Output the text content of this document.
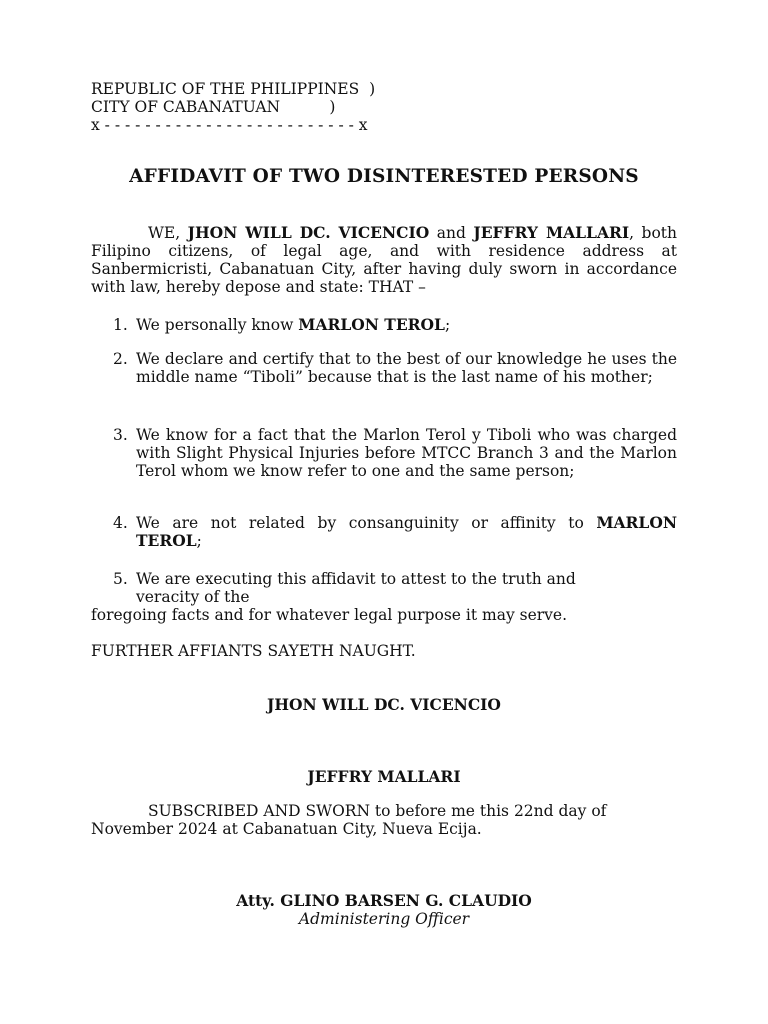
REPUBLIC OF THE PHILIPPINES  )
CITY OF CABANATUAN          )
x - - - - - - - - - - - - - - - - - - - - - - - - - x
AFFIDAVIT OF TWO DISINTERESTED PERSONS
WE, JHON WILL DC. VICENCIO and JEFFRY MALLARI, both Filipino citizens, of legal age, and with residence address at Sanbermicristi, Cabanatuan City, after having duly sworn in accordance with law, hereby depose and state: THAT –
1. We personally know MARLON TEROL;
2. We declare and certify that to the best of our knowledge he uses the middle name “Tiboli” because that is the last name of his mother;
3. We know for a fact that the Marlon Terol y Tiboli who was charged with Slight Physical Injuries before MTCC Branch 3 and the Marlon Terol whom we know refer to one and the same person;
4. We are not related by consanguinity or affinity to MARLON TEROL;
5. We are executing this affidavit to attest to the truth and veracity of the
foregoing facts and for whatever legal purpose it may serve.
FURTHER AFFIANTS SAYETH NAUGHT.
JHON WILL DC. VICENCIO
JEFFRY MALLARI
SUBSCRIBED AND SWORN to before me this 22nd day of November 2024 at Cabanatuan City, Nueva Ecija.
Atty. GLINO BARSEN G. CLAUDIO
Administering Officer
